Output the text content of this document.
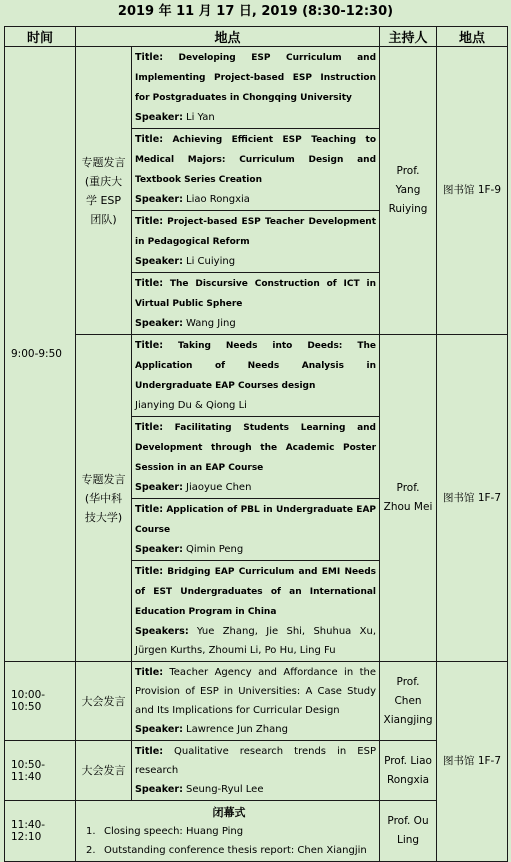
2019 年 11 月 17 日, 2019 (8:30-12:30)
时间	地点		主持人	地点
9:00-9:50	专题发言(重庆大学 ESP 团队)	Title: Developing ESP Curriculum and Implementing Project-based ESP Instruction for Postgraduates in Chongqing University
Speaker: Li Yan	Prof. Yang Ruiying	图书馆 1F-9
		Title: Achieving Efficient ESP Teaching to Medical Majors: Curriculum Design and Textbook Series Creation
Speaker: Liao Rongxia		
		Title: Project-based ESP Teacher Development in Pedagogical Reform
Speaker: Li Cuiying		
		Title: The Discursive Construction of ICT in Virtual Public Sphere
Speaker: Wang Jing		
	专题发言(华中科技大学)	Title: Taking Needs into Deeds: The Application of Needs Analysis in Undergraduate EAP Courses design
Jianying Du & Qiong Li	Prof. Zhou Mei	图书馆 1F-7
		Title: Facilitating Students Learning and Development through the Academic Poster Session in an EAP Course
Speaker: Jiaoyue Chen		
		Title: Application of PBL in Undergraduate EAP Course
Speaker: Qimin Peng		
		Title: Bridging EAP Curriculum and EMI Needs of EST Undergraduates of an International Education Program in China
Speakers: Yue Zhang, Jie Shi, Shuhua Xu, Jürgen Kurths, Zhoumi Li, Po Hu, Ling Fu		
10:00-10:50	大会发言	Title: Teacher Agency and Affordance in the Provision of ESP in Universities: A Case Study and Its Implications for Curricular Design
Speaker: Lawrence Jun Zhang	Prof. Chen Xiangjing	图书馆 1F-7
10:50-11:40	大会发言	Title: Qualitative research trends in ESP research
Speaker: Seung-Ryul Lee	Prof. Liao Rongxia	
11:40-12:10	闭幕式
1. Closing speech: Huang Ping
2. Outstanding conference thesis report: Chen Xiangjin		Prof. Ou Ling	
